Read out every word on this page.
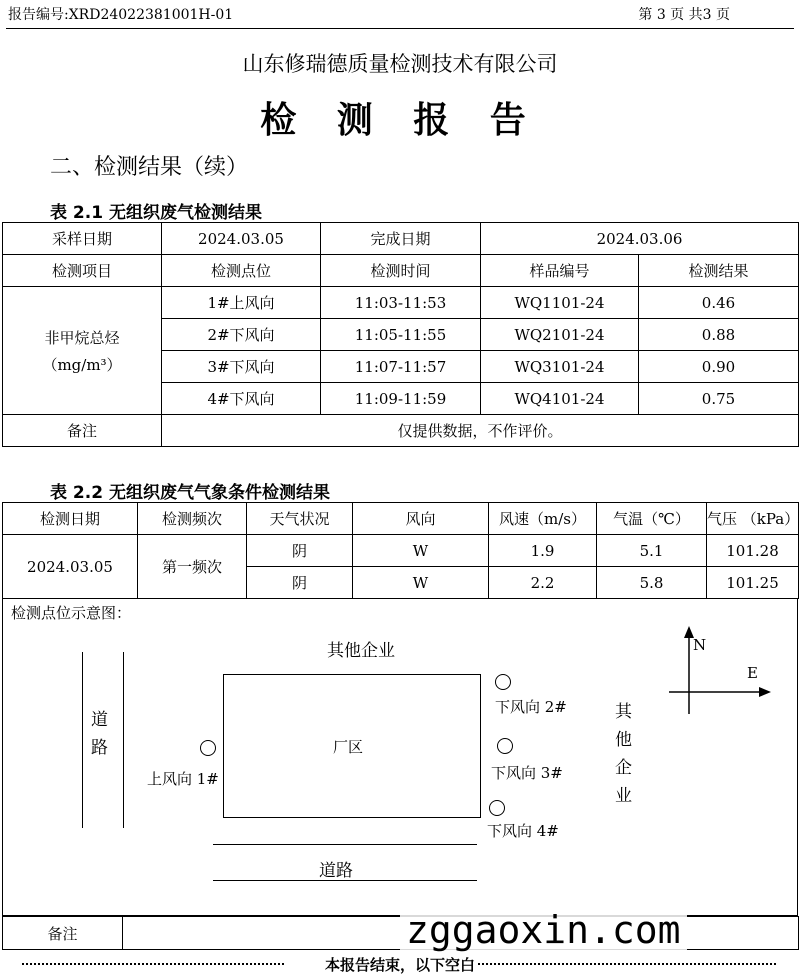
报告编号:XRD24022381001H-01	第 3 页 共3 页
山东修瑞德质量检测技术有限公司
检 测 报 告
二、检测结果（续）
表 2.1 无组织废气检测结果
采样日期	2024.03.05	完成日期	2024.03.06	
检测项目	检测点位	检测时间	样品编号	检测结果

非甲烷总烃
（mg/m³）	1#上风向	11:03-11:53	WQ1101-24	0.46
	2#下风向	11:05-11:55	WQ2101-24	0.88
	3#下风向	11:07-11:57	WQ3101-24	0.90
	4#下风向	11:09-11:59	WQ4101-24	0.75
备注	仅提供数据，不作评价。			
表 2.2 无组织废气气象条件检测结果
检测日期	检测频次	天气状况	风向	风速（m/s）	气温（℃）	气压 （kPa）
2024.03.05	第一频次	阴	W	1.9	5.1	101.28
		阴	W	2.2	5.8	101.25
检测点位示意图：
其他企业
道路	厂区
道路
上风向 1#
下风向 2#
下风向 3#
下风向 4#
其他企业
N
E
备注		zggaoxin.com
本报告结束，以下空白
